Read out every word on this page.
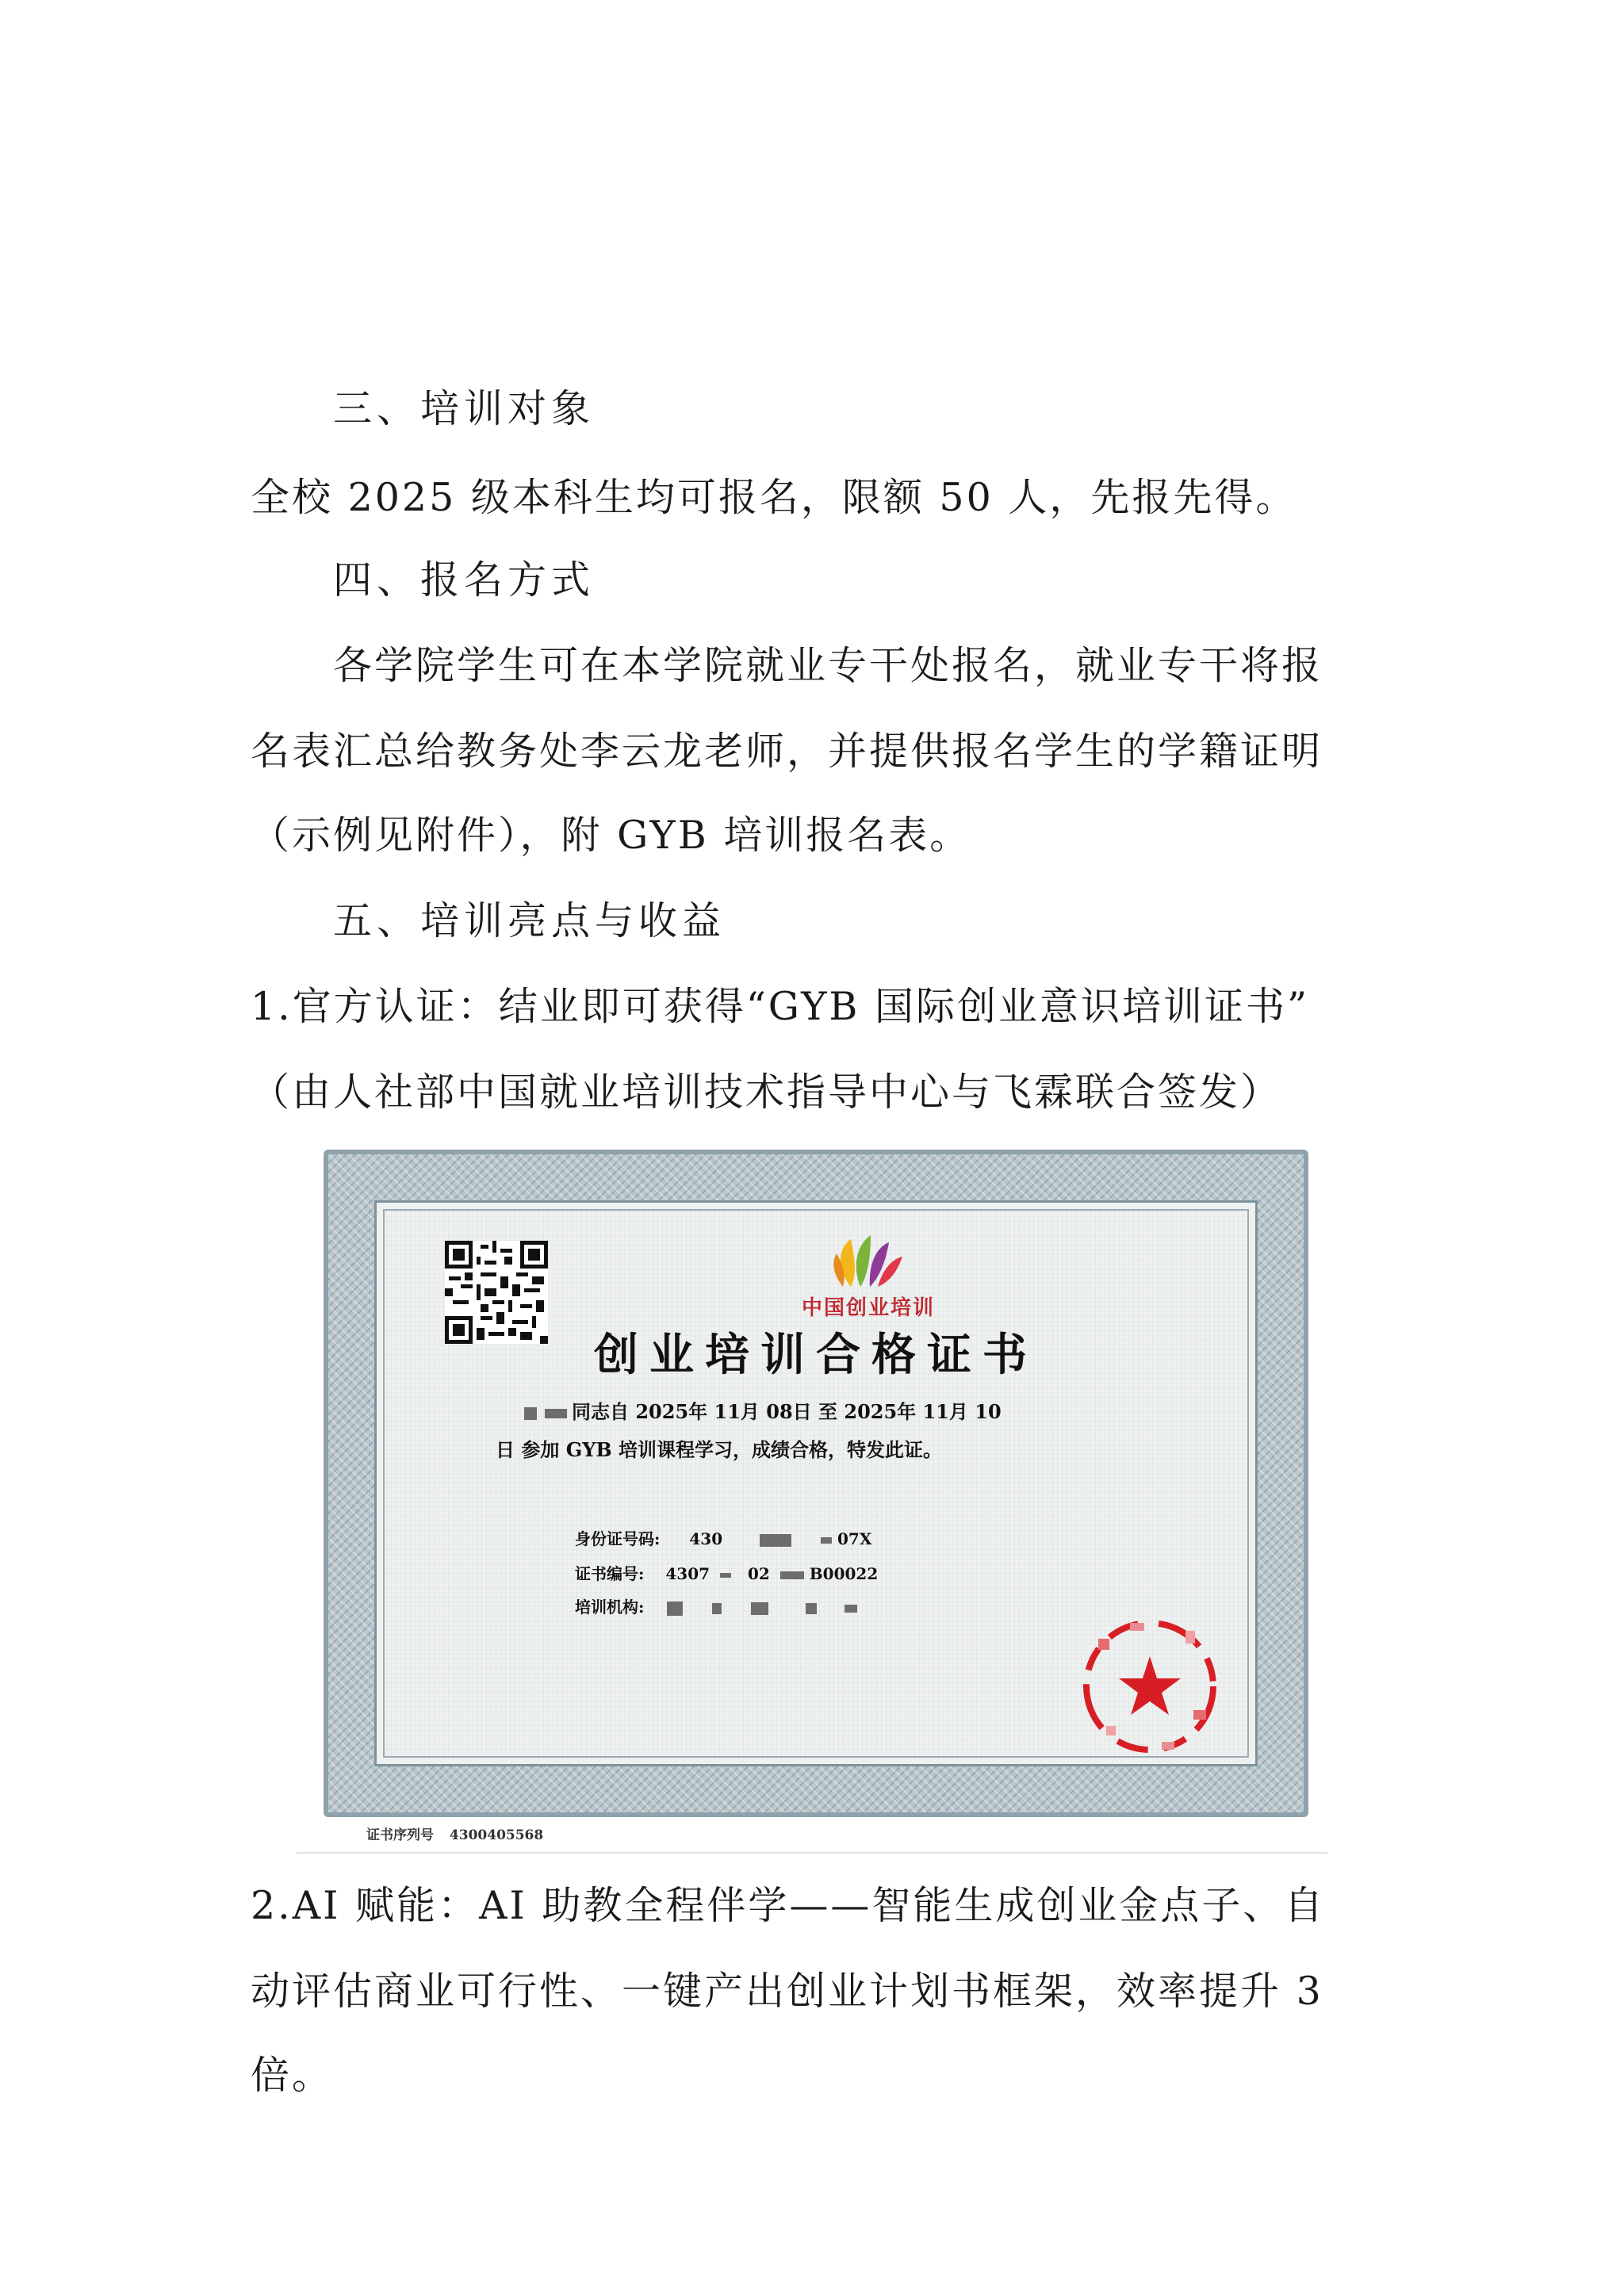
三、培训对象
全校 2025 级本科生均可报名，限额 50 人，先报先得。
四、报名方式
各学院学生可在本学院就业专干处报名，就业专干将报
名表汇总给教务处李云龙老师，并提供报名学生的学籍证明
（示例见附件），附 GYB 培训报名表。
五、培训亮点与收益
1.官方认证：结业即可获得“GYB 国际创业意识培训证书”
（由人社部中国就业培训技术指导中心与飞霖联合签发）
中国创业培训
创业培训合格证书
同志自 2025年 11月 08日 至 2025年 11月 10
日 参加 GYB 培训课程学习，成绩合格，特发此证。
身份证号码: 430	07X
证书编号: 4307 02 B00022
培训机构:
证书序列号 4300405568
2.AI 赋能：AI 助教全程伴学——智能生成创业金点子、自
动评估商业可行性、一键产出创业计划书框架，效率提升 3
倍。
